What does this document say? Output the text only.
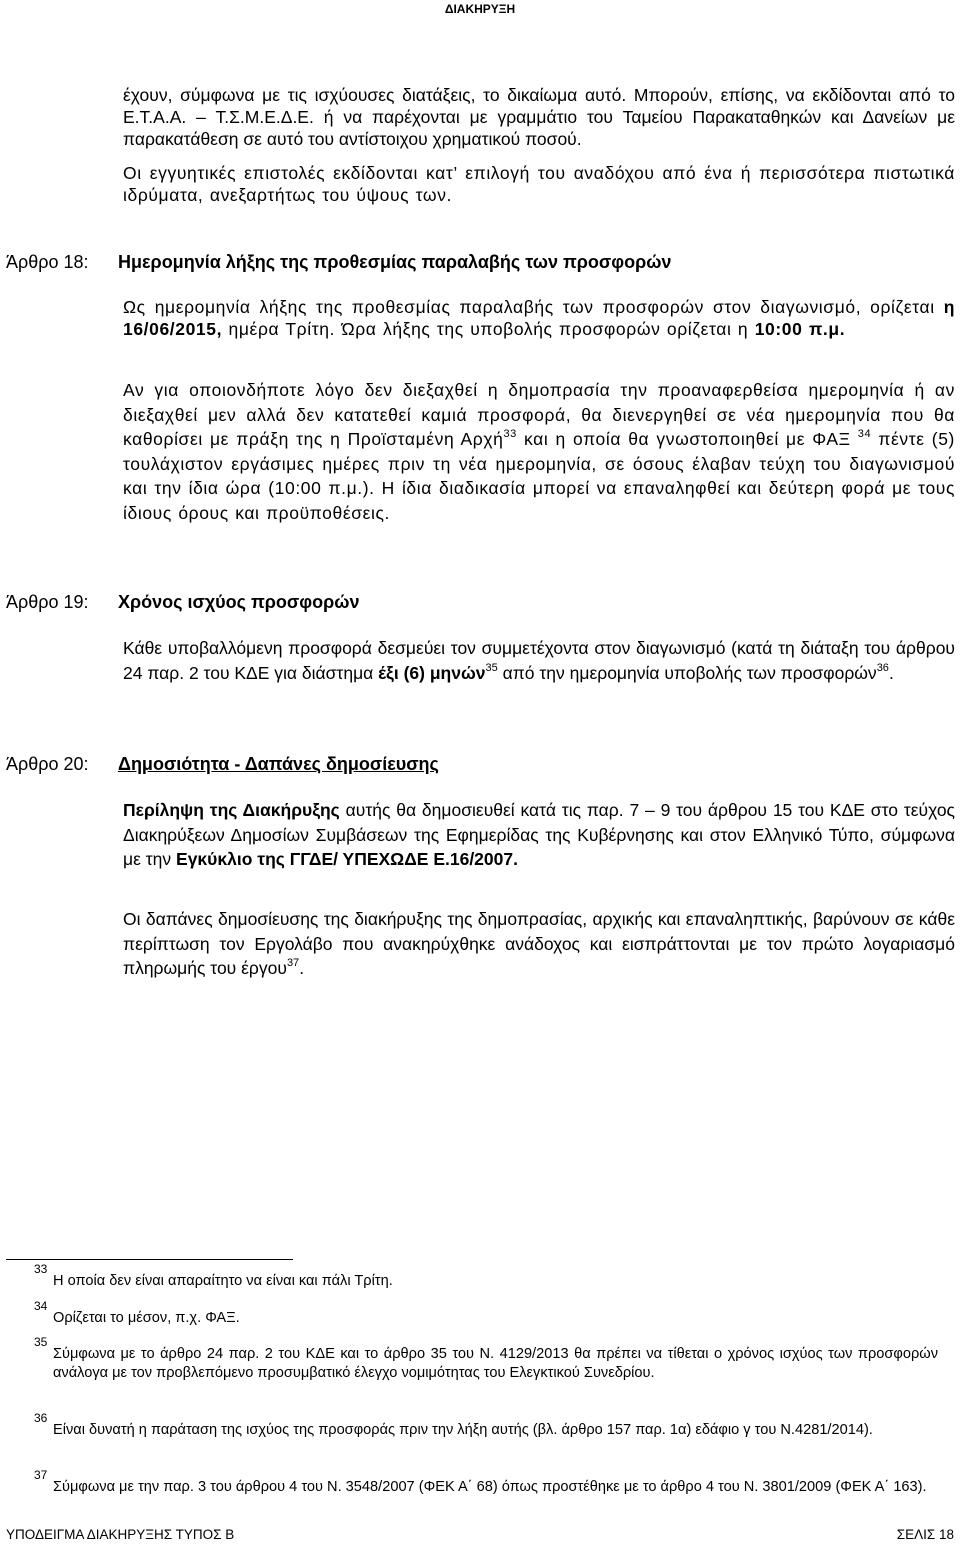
ΔΙΑΚΗΡΥΞΗ

έχουν, σύμφωνα με τις ισχύουσες διατάξεις, το δικαίωμα αυτό. Μπορούν, επίσης, να εκδίδονται από το Ε.Τ.Α.Α. – Τ.Σ.Μ.Ε.Δ.Ε. ή να παρέχονται με γραμμάτιο του Ταμείου Παρακαταθηκών και Δανείων με παρακατάθεση σε αυτό του αντίστοιχου χρηματικού ποσού.

Οι εγγυητικές επιστολές εκδίδονται κατ’ επιλογή του αναδόχου από ένα ή περισσότερα πιστωτικά ιδρύματα, ανεξαρτήτως του ύψους των.

Άρθρο 18: Ημερομηνία λήξης της προθεσμίας παραλαβής των προσφορών

Ως ημερομηνία λήξης της προθεσμίας παραλαβής των προσφορών στον διαγωνισμό, ορίζεται η 16/06/2015, ημέρα Τρίτη. Ώρα λήξης της υποβολής προσφορών ορίζεται η 10:00 π.μ.

Αν για οποιονδήποτε λόγο δεν διεξαχθεί η δημοπρασία την προαναφερθείσα ημερομηνία ή αν διεξαχθεί μεν αλλά δεν κατατεθεί καμιά προσφορά, θα διενεργηθεί σε νέα ημερομηνία που θα καθορίσει με πράξη της η Προϊσταμένη Αρχή$^{33}$ και η οποία θα γνωστοποιηθεί με ΦΑΞ $^{34}$ πέντε (5) τουλάχιστον εργάσιμες ημέρες πριν τη νέα ημερομηνία, σε όσους έλαβαν τεύχη του διαγωνισμού και την ίδια ώρα (10:00 π.μ.). Η ίδια διαδικασία μπορεί να επαναληφθεί και δεύτερη φορά με τους ίδιους όρους και προϋποθέσεις.

Άρθρο 19: Χρόνος ισχύος προσφορών

Κάθε υποβαλλόμενη προσφορά δεσμεύει τον συμμετέχοντα στον διαγωνισμό (κατά τη διάταξη του άρθρου 24 παρ. 2 του ΚΔΕ για διάστημα έξι (6) μηνών$^{35}$ από την ημερομηνία υποβολής των προσφορών$^{36}$.

Άρθρο 20: Δημοσιότητα - Δαπάνες δημοσίευσης

Περίληψη της Διακήρυξης αυτής θα δημοσιευθεί κατά τις παρ. 7 – 9 του άρθρου 15 του ΚΔΕ στο τεύχος Διακηρύξεων Δημοσίων Συμβάσεων της Εφημερίδας της Κυβέρνησης και στον Ελληνικό Τύπο, σύμφωνα με την Εγκύκλιο της ΓΓΔΕ/ ΥΠΕΧΩΔΕ Ε.16/2007.

Οι δαπάνες δημοσίευσης της διακήρυξης της δημοπρασίας, αρχικής και επαναληπτικής, βαρύνουν σε κάθε περίπτωση τον Εργολάβο που ανακηρύχθηκε ανάδοχος και εισπράττονται με τον πρώτο λογαριασμό πληρωμής του έργου$^{37}$.

33
Η οποία δεν είναι απαραίτητο να είναι και πάλι Τρίτη.
34
Ορίζεται το μέσον, π.χ. ΦΑΞ.
35
Σύμφωνα με το άρθρο 24 παρ. 2 του ΚΔΕ και το άρθρο 35 του Ν. 4129/2013 θα πρέπει να τίθεται ο χρόνος ισχύος των προσφορών ανάλογα με τον προβλεπόμενο προσυμβατικό έλεγχο νομιμότητας του Ελεγκτικού Συνεδρίου.
36
Είναι δυνατή η παράταση της ισχύος της προσφοράς πριν την λήξη αυτής (βλ. άρθρο 157 παρ. 1α) εδάφιο γ του Ν.4281/2014).
37
Σύμφωνα με την παρ. 3 του άρθρου 4 του Ν. 3548/2007 (ΦΕΚ Α΄ 68) όπως προστέθηκε με το άρθρο 4 του Ν. 3801/2009 (ΦΕΚ Α΄ 163).
ΥΠΟΔΕΙΓΜΑ ΔΙΑΚΗΡΥΞΗΣ ΤΥΠΟΣ Β	ΣΕΛΙΣ 18
